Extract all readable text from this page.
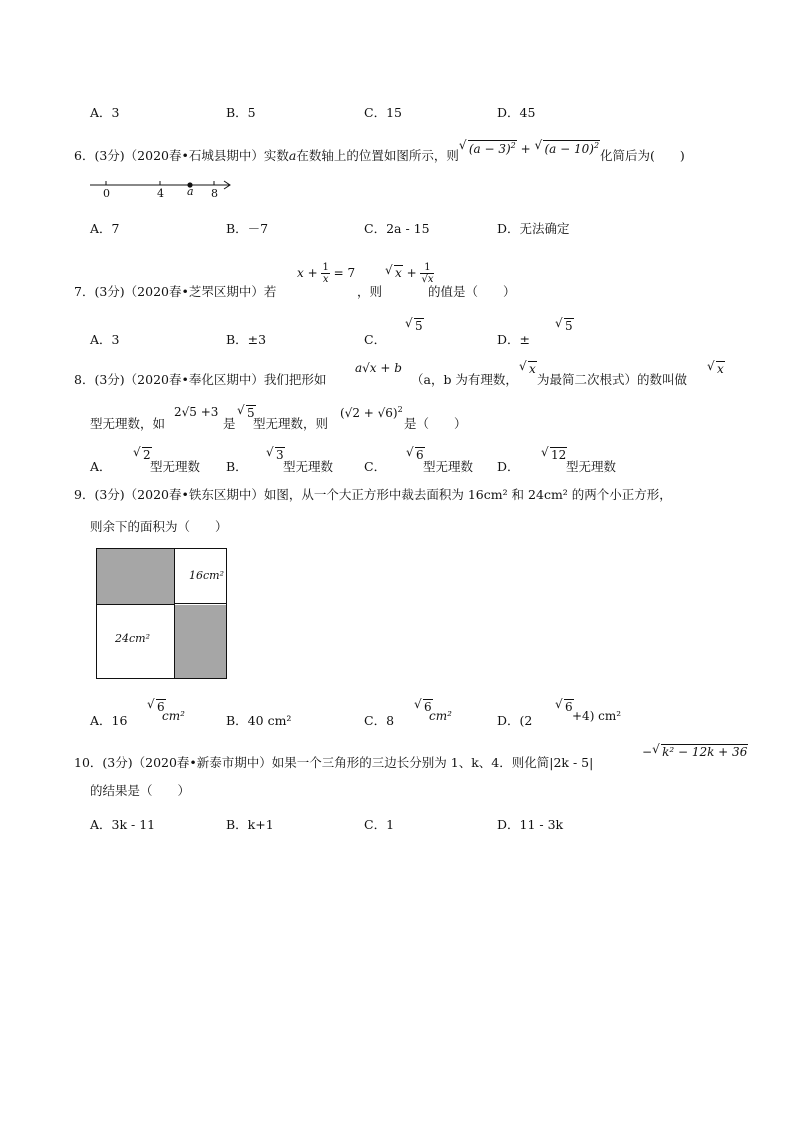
A．3	B．5	C．15	D．45
6．(3分)（2020春•石城县期中）实数a在数轴上的位置如图所示，则
√ $(a - 3)^2$ + √ $(a - 10)^2$化简后为(　　)
0	4 a 8
A．7	B．－7	C．2a - 15	D．无法确定
7．(3分)（2020春•芝罘区期中）若
$x + \frac{1}{x} = 7$
，则
√ $x + \frac{1}{√x}$
的值是（　　）
A．3	B．±3	C．
√ 5
D．±
√ 5
8．(3分)（2020春•奉化区期中）我们把形如
a√x + b
（a，b 为有理数，
√ x
为最简二次根式）的数叫做
√ x
型无理数，如
2√5 +3
是
√ 5
型无理数，则
$(√2 + √6)^2$
是（　　）
A．
√ 2
型无理数 B．
√ 3
型无理数 C．
√ 6
型无理数 D．
√ 12
型无理数
9．(3分)（2020春•铁东区期中）如图，从一个大正方形中裁去面积为 16cm² 和 24cm² 的两个小正方形，
则余下的面积为（　　）
16cm²
24cm²
A．16
√ 6
cm²	B．40 cm²	C．8
√ 6
cm²	D．(2
√ 6
+4) cm²
10．(3分)（2020春•新泰市期中）如果一个三角形的三边长分别为 1、k、4．则化简|2k - 5|
− √ k² − 12k + 36
的结果是（　　）
A．3k - 11	B．k+1	C．1	D．11 - 3k
